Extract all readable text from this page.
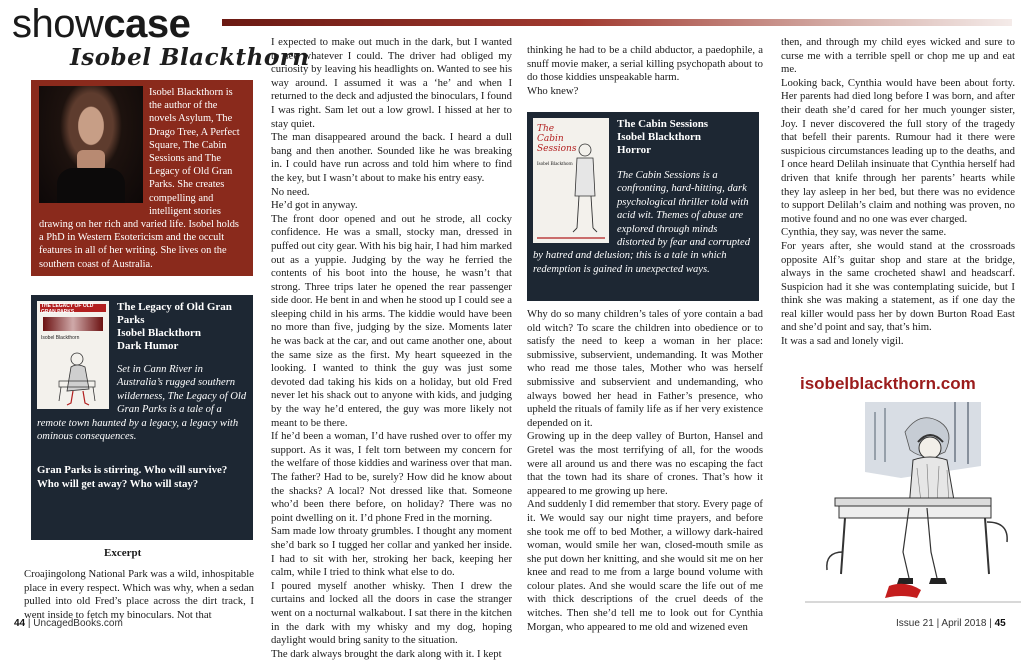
showcase
Isobel Blackthorn
Isobel Blackthorn is the author of the novels Asylum, The Drago Tree, A Perfect Square, The Cabin Sessions and The Legacy of Old Gran Parks. She creates compelling and intelligent stories drawing on her rich and varied life. Isobel holds a PhD in Western Esotericism and the occult features in all of her writing. She lives on the southern coast of Australia.
THE LEGACY OF OLD GRAN PARKS
Isobel Blackthorn
The Legacy of Old Gran Parks
Isobel Blackthorn
Dark Humor
Set in Cann River in Australia’s rugged southern wilderness, The Legacy of Old Gran Parks is a tale of a remote town haunted by a legacy, a legacy with ominous consequences.
Gran Parks is stirring. Who will survive? Who will get away? Who will stay?
Excerpt

Croajingolong National Park was a wild, inhospitable place in every respect. Which was why, when a sedan pulled into old Fred’s place across the dirt track, I went inside to fetch my binoculars. Not that

I expected to make out much in the dark, but I wanted to see whatever I could. The driver had obliged my curiosity by leaving his headlights on. Wanted to see his way around. I assumed it was a ‘he’ and when I returned to the deck and adjusted the binoculars, I found I was right. Sam let out a low growl. I hissed at her to stay quiet.

The man disappeared around the back. I heard a dull bang and then another. Sounded like he was breaking in. I could have run across and told him where to find the key, but I wasn’t about to make his entry easy.

No need.

He’d got in anyway.

The front door opened and out he strode, all cocky confidence. He was a small, stocky man, dressed in puffed out city gear. With his big hair, I had him marked out as a yuppie. Judging by the way he ferried the contents of his boot into the house, he wasn’t that strong. Three trips later he opened the rear passenger side door. He bent in and when he stood up I could see a sleeping child in his arms. The kiddie would have been no more than five, judging by the size. Moments later he was back at the car, and out came another one, about the same size as the first. My heart squeezed in the looking. I wanted to think the guy was just some devoted dad taking his kids on a holiday, but old Fred never let his shack out to anyone with kids, and judging by the way he’d entered, the guy was more likely not meant to be there.

If he’d been a woman, I’d have rushed over to offer my support. As it was, I felt torn between my concern for the welfare of those kiddies and wariness over that man. The father? Had to be, surely? How did he know about the shacks? A local? Not dressed like that. Someone who’d been there before, on holiday? There was no point dwelling on it. I’d phone Fred in the morning.

Sam made low throaty grumbles. I thought any moment she’d bark so I tugged her collar and yanked her inside. I had to sit with her, stroking her back, keeping her calm, while I tried to think what else to do.

I poured myself another whisky. Then I drew the curtains and locked all the doors in case the stranger went on a nocturnal walkabout. I sat there in the kitchen in the dark with my whisky and my dog, hoping daylight would bring sanity to the situation.

The dark always brought the dark along with it. I kept

thinking he had to be a child abductor, a paedophile, a snuff movie maker, a serial killing psychopath about to do those kiddies unspeakable harm.

Who knew?

The Cabin Sessions
Isobel Blackthorn
The Cabin Sessions
Isobel Blackthorn
Horror
The Cabin Sessions is a confronting, hard-hitting, dark psychological thriller told with acid wit. Themes of abuse are explored through minds distorted by fear and corrupted by hatred and delusion; this is a tale in which redemption is gained in unexpected ways.

Why do so many children’s tales of yore contain a bad old witch? To scare the children into obedience or to satisfy the need to keep a woman in her place: submissive, subservient, undemanding. It was Mother who read me those tales, Mother who was herself submissive and subservient and undemanding, who always bowed her head in Father’s presence, who upheld the rituals of family life as if her very existence depended on it.

Growing up in the deep valley of Burton, Hansel and Gretel was the most terrifying of all, for the woods were all around us and there was no escaping the fact that the town had its share of crones. That’s how it appeared to me growing up here.

And suddenly I did remember that story. Every page of it. We would say our night time prayers, and before she took me off to bed Mother, a willowy dark-haired woman, would smile her wan, closed-mouth smile as she put down her knitting, and she would sit me on her knee and read to me from a large bound volume with colour plates. And she would scare the life out of me with thick descriptions of the cruel deeds of the witches. Then she’d tell me to look out for Cynthia Morgan, who appeared to me old and wizened even

then, and through my child eyes wicked and sure to curse me with a terrible spell or chop me up and eat me.

Looking back, Cynthia would have been about forty. Her parents had died long before I was born, and after their death she’d cared for her much younger sister, Joy. I never discovered the full story of the tragedy that befell their parents. Rumour had it there were suspicious circumstances leading up to the deaths, and I once heard Delilah insinuate that Cynthia herself had driven that knife through her parents’ hearts while they lay asleep in her bed, but there was no evidence to support Delilah’s claim and nothing was proven, no motive found and no one was ever charged.

Cynthia, they say, was never the same.

For years after, she would stand at the crossroads opposite Alf’s guitar shop and stare at the bridge, always in the same crocheted shawl and headscarf. Suspicion had it she was contemplating suicide, but I think she was making a statement, as if one day the real killer would pass her by down Burton Road East and she’d point and say, that’s him.

It was a sad and lonely vigil.

isobelblackthorn.com
44 | UncagedBooks.com	Issue 21 | April 2018 | 45
